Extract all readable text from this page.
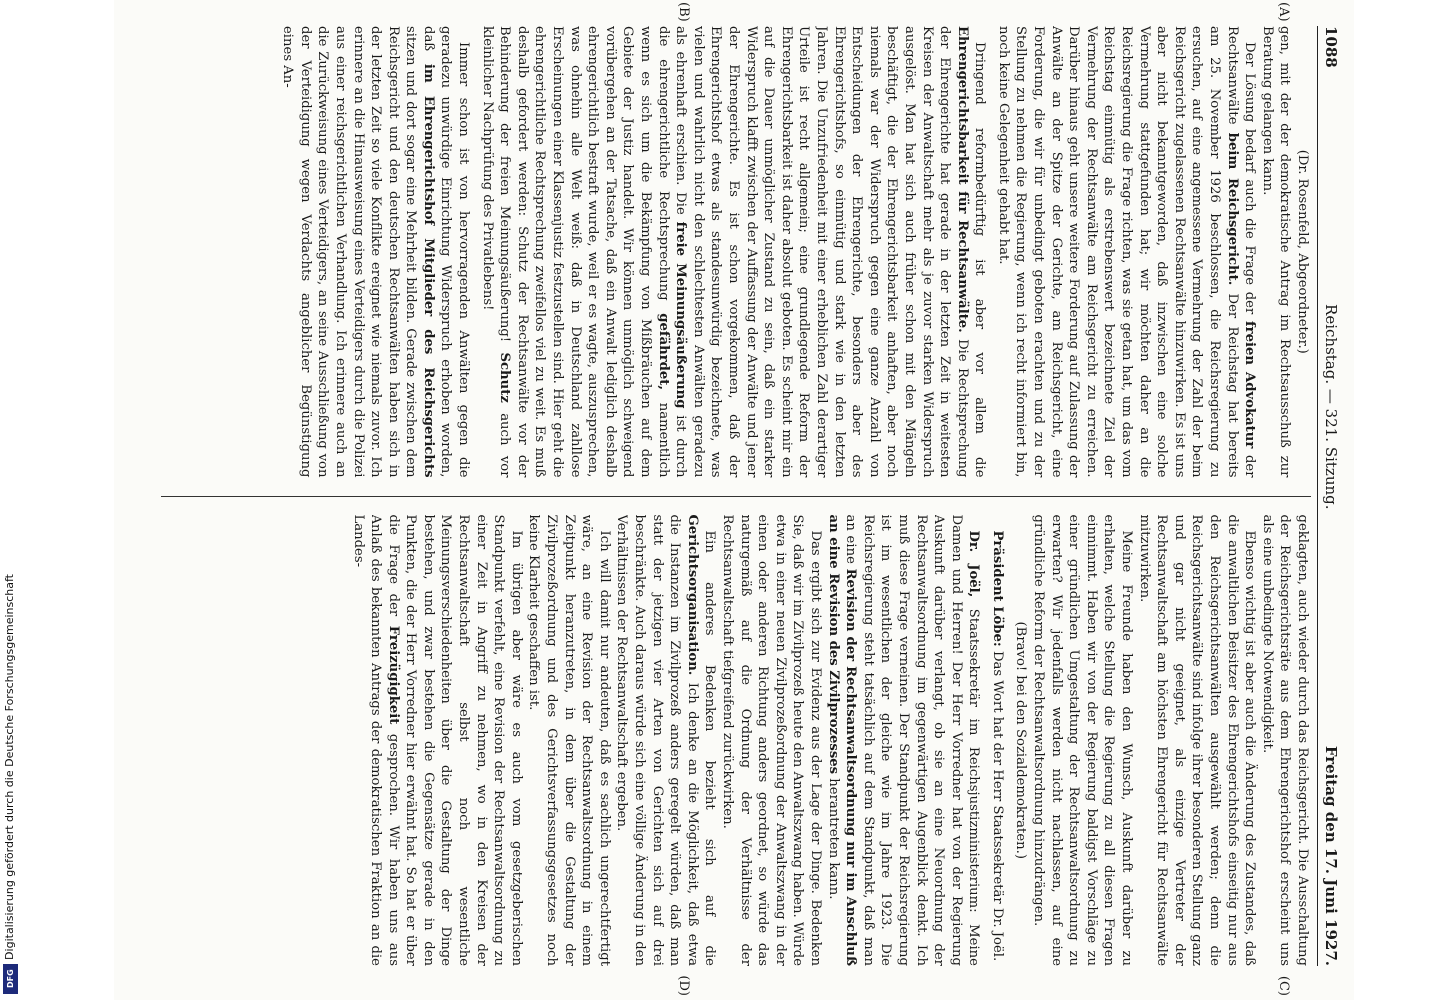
Digitalisierung gefördert durch die Deutsche Forschungsgemeinschaft
DFG
1088
Reichstag. — 321. Sitzung.
Freitag den 17. Juni 1927.
(A)
(B)
(C)
(D)

(Dr. Rosenfeld, Abgeordneter.)

gen, mit der der demokratische Antrag im Rechtsausschuß zur Beratung gelangen kann.

Der Lösung bedarf auch die Frage der freien Advokatur der Rechtsanwälte beim Reichsgericht. Der Reichstag hat bereits am 25. November 1926 beschlossen, die Reichsregierung zu ersuchen, auf eine angemessene Vermehrung der Zahl der beim Reichsgericht zugelassenen Rechtsanwälte hinzuwirken. Es ist uns aber nicht bekanntgeworden, daß inzwischen eine solche Vermehrung stattgefunden hat; wir möchten daher an die Reichsregierung die Frage richten, was sie getan hat, um das vom Reichstag einmütig als erstrebenswert bezeichnete Ziel der Vermehrung der Rechtsanwälte am Reichsgericht zu erreichen. Darüber hinaus geht unsere weitere Forderung auf Zulassung der Anwälte an der Spitze der Gerichte, am Reichsgericht, eine Forderung, die wir für unbedingt geboten erachten und zu der Stellung zu nehmen die Regierung, wenn ich recht informiert bin, noch keine Gelegenheit gehabt hat.

Dringend reformbedürftig ist aber vor allem die Ehrengerichtsbarkeit für Rechtsanwälte. Die Rechtsprechung der Ehrengerichte hat gerade in der letzten Zeit in weitesten Kreisen der Anwaltschaft mehr als je zuvor starken Widerspruch ausgelöst. Man hat sich auch früher schon mit den Mängeln beschäftigt, die der Ehrengerichtsbarkeit anhaften, aber noch niemals war der Widerspruch gegen eine ganze Anzahl von Entscheidungen der Ehrengerichte, besonders aber des Ehrengerichtshofs, so einmütig und stark wie in den letzten Jahren. Die Unzufriedenheit mit einer erheblichen Zahl derartiger Urteile ist recht allgemein; eine grundlegende Reform der Ehrengerichtsbarkeit ist daher absolut geboten. Es scheint mir ein auf die Dauer unmöglicher Zustand zu sein, daß ein starker Widerspruch klafft zwischen der Auffassung der Anwälte und jener der Ehrengerichte. Es ist schon vorgekommen, daß der Ehrengerichtshof etwas als standesunwürdig bezeichnete, was vielen und wahrlich nicht den schlechtesten Anwälten geradezu als ehrenhaft erschien. Die freie Meinungsäußerung ist durch die ehrengerichtliche Rechtsprechung gefährdet, namentlich wenn es sich um die Bekämpfung von Mißbräuchen auf dem Gebiete der Justiz handelt. Wir können unmöglich schweigend vorübergehen an der Tatsache, daß ein Anwalt lediglich deshalb ehrengerichtlich bestraft wurde, weil er es wagte, auszusprechen, was ohnehin alle Welt weiß: daß in Deutschland zahllose Erscheinungen einer Klassenjustiz festzustellen sind. Hier geht die ehrengerichtliche Rechtsprechung zweifellos viel zu weit. Es muß deshalb gefordert werden: Schutz der Rechtsanwälte vor der Behinderung der freien Meinungsäußerung! Schutz auch vor kleinlicher Nachprüfung des Privatlebens!

Immer schon ist von hervorragenden Anwälten gegen die geradezu unwürdige Einrichtung Widerspruch erhoben worden, daß im Ehrengerichtshof Mitglieder des Reichsgerichts sitzen und dort sogar eine Mehrheit bilden. Gerade zwischen dem Reichsgericht und den deutschen Rechtsanwälten haben sich in der letzten Zeit so viele Konflikte ereignet wie niemals zuvor. Ich erinnere an die Hinausweisung eines Verteidigers durch die Polizei aus einer reichsgerichtlichen Verhandlung. Ich erinnere auch an die Zurückweisung eines Verteidigers, an seine Ausschließung von der Verteidigung wegen Verdachts angeblicher Begünstigung eines An-

geklagten, auch wieder durch das Reichsgericht. Die Ausschaltung der Reichsgerichtsräte aus dem Ehrengerichtshof erscheint uns als eine unbedingte Notwendigkeit.

Ebenso wichtig ist aber auch die Änderung des Zustandes, daß die anwaltlichen Beisitzer des Ehrengerichtshofs einseitig nur aus den Reichsgerichtsanwälten ausgewählt werden; denn die Reichsgerichtsanwälte sind infolge ihrer besonderen Stellung ganz und gar nicht geeignet, als einzige Vertreter der Rechtsanwaltschaft am höchsten Ehrengericht für Rechtsanwälte mitzuwirken.

Meine Freunde haben den Wunsch, Auskunft darüber zu erhalten, welche Stellung die Regierung zu all diesen Fragen einnimmt. Haben wir von der Regierung baldigst Vorschläge zu einer gründlichen Umgestaltung der Rechtsanwaltsordnung zu erwarten? Wir jedenfalls werden nicht nachlassen, auf eine gründliche Reform der Rechtsanwaltsordnung hinzudrängen.

(Bravo! bei den Sozialdemokraten.)

Präsident Löbe: Das Wort hat der Herr Staatssekretär Dr. Joël.

Dr. Joël, Staatssekretär im Reichsjustizministerium: Meine Damen und Herren! Der Herr Vorredner hat von der Regierung Auskunft darüber verlangt, ob sie an eine Neuordnung der Rechtsanwaltsordnung im gegenwärtigen Augenblick denkt. Ich muß diese Frage verneinen. Der Standpunkt der Reichsregierung ist im wesentlichen der gleiche wie im Jahre 1923. Die Reichsregierung steht tatsächlich auf dem Standpunkt, daß man an eine Revision der Rechtsanwaltsordnung nur im Anschluß an eine Revision des Zivilprozesses herantreten kann.

Das ergibt sich zur Evidenz aus der Lage der Dinge. Bedenken Sie, daß wir im Zivilprozeß heute den Anwaltszwang haben. Würde etwa in einer neuen Zivilprozeßordnung der Anwaltszwang in der einen oder anderen Richtung anders geordnet, so würde das naturgemäß auf die Ordnung der Verhältnisse der Rechtsanwaltschaft tiefgreifend zurückwirken.

Ein anderes Bedenken bezieht sich auf die Gerichtsorganisation. Ich denke an die Möglichkeit, daß etwa die Instanzen im Zivilprozeß anders geregelt würden, daß man statt der jetzigen vier Arten von Gerichten sich auf drei beschränkte. Auch daraus würde sich eine völlige Änderung in den Verhältnissen der Rechtsanwaltschaft ergeben.

Ich will damit nur andeuten, daß es sachlich ungerechtfertigt wäre, an eine Revision der Rechtsanwaltsordnung in einem Zeitpunkt heranzutreten, in dem über die Gestaltung der Zivilprozeßordnung und des Gerichtsverfassungsgesetzes noch keine Klarheit geschaffen ist.

Im übrigen aber wäre es auch vom gesetzgeberischen Standpunkt verfehlt, eine Revision der Rechtsanwaltsordnung zu einer Zeit in Angriff zu nehmen, wo in den Kreisen der Rechtsanwaltschaft selbst noch wesentliche Meinungsverschiedenheiten über die Gestaltung der Dinge bestehen, und zwar bestehen die Gegensätze gerade in den Punkten, die der Herr Vorredner hier erwähnt hat. So hat er über die Frage der Freizügigkeit gesprochen. Wir haben uns aus Anlaß des bekannten Antrags der demokratischen Fraktion an die Landes-
